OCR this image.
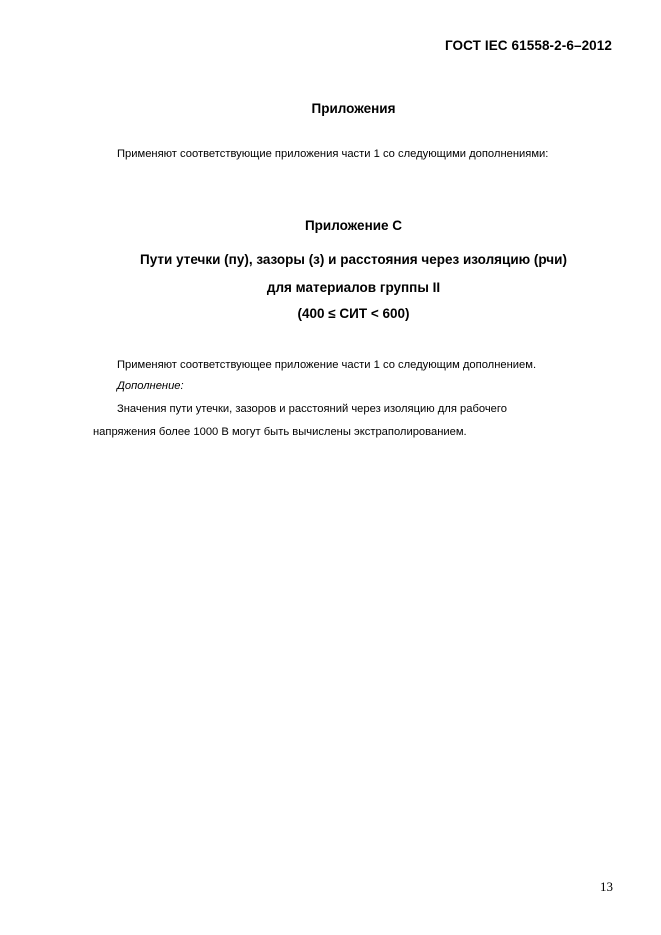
ГОСТ IEC 61558-2-6–2012
Приложения
Применяют соответствующие приложения части 1 со следующими дополнениями:
Приложение С
Пути утечки (пу), зазоры (з) и расстояния через изоляцию (рчи)
для материалов группы II
(400 ≤ СИТ < 600)
Применяют соответствующее приложение части 1 со следующим дополнением.
Дополнение:
Значения пути утечки, зазоров и расстояний через изоляцию для рабочего
напряжения более 1000 В могут быть вычислены экстраполированием.
13
